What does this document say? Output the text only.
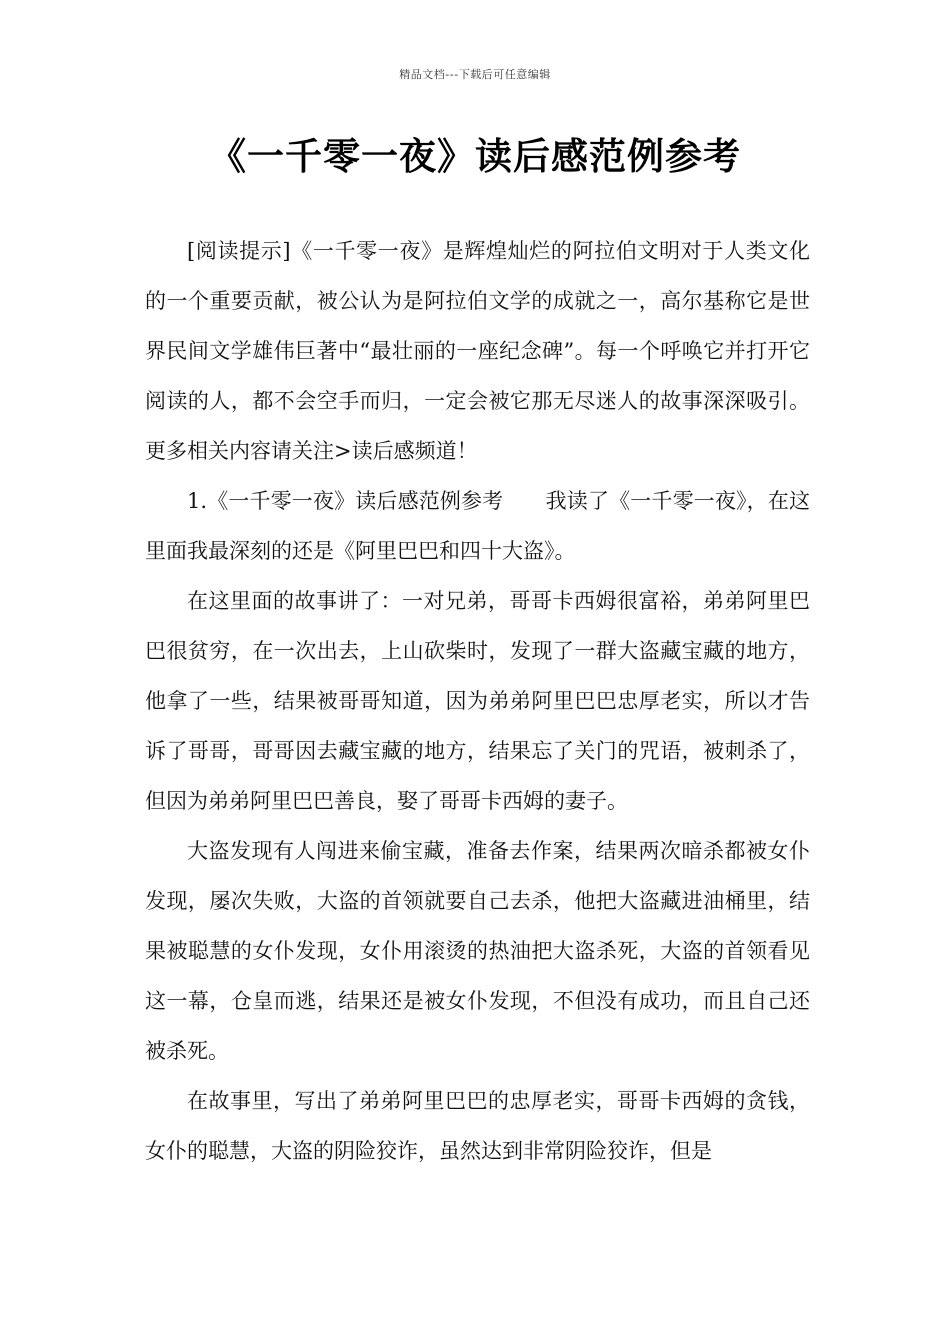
精品文档---下载后可任意编辑
《一千零一夜》读后感范例参考

[阅读提示]《一千零一夜》是辉煌灿烂的阿拉伯文明对于人类文化的一个重要贡献，被公认为是阿拉伯文学的成就之一，高尔基称它是世界民间文学雄伟巨著中“最壮丽的一座纪念碑”。每一个呼唤它并打开它阅读的人，都不会空手而归，一定会被它那无尽迷人的故事深深吸引。更多相关内容请关注>读后感频道！

1.《一千零一夜》读后感范例参考　　我读了《一千零一夜》，在这里面我最深刻的还是《阿里巴巴和四十大盗》。

在这里面的故事讲了：一对兄弟，哥哥卡西姆很富裕，弟弟阿里巴巴很贫穷，在一次出去，上山砍柴时，发现了一群大盗藏宝藏的地方，他拿了一些，结果被哥哥知道，因为弟弟阿里巴巴忠厚老实，所以才告诉了哥哥，哥哥因去藏宝藏的地方，结果忘了关门的咒语，被刺杀了，但因为弟弟阿里巴巴善良，娶了哥哥卡西姆的妻子。

大盗发现有人闯进来偷宝藏，准备去作案，结果两次暗杀都被女仆发现，屡次失败，大盗的首领就要自己去杀，他把大盗藏进油桶里，结果被聪慧的女仆发现，女仆用滚烫的热油把大盗杀死，大盗的首领看见这一幕，仓皇而逃，结果还是被女仆发现，不但没有成功，而且自己还被杀死。

在故事里，写出了弟弟阿里巴巴的忠厚老实，哥哥卡西姆的贪钱，女仆的聪慧，大盗的阴险狡诈，虽然达到非常阴险狡诈，但是
